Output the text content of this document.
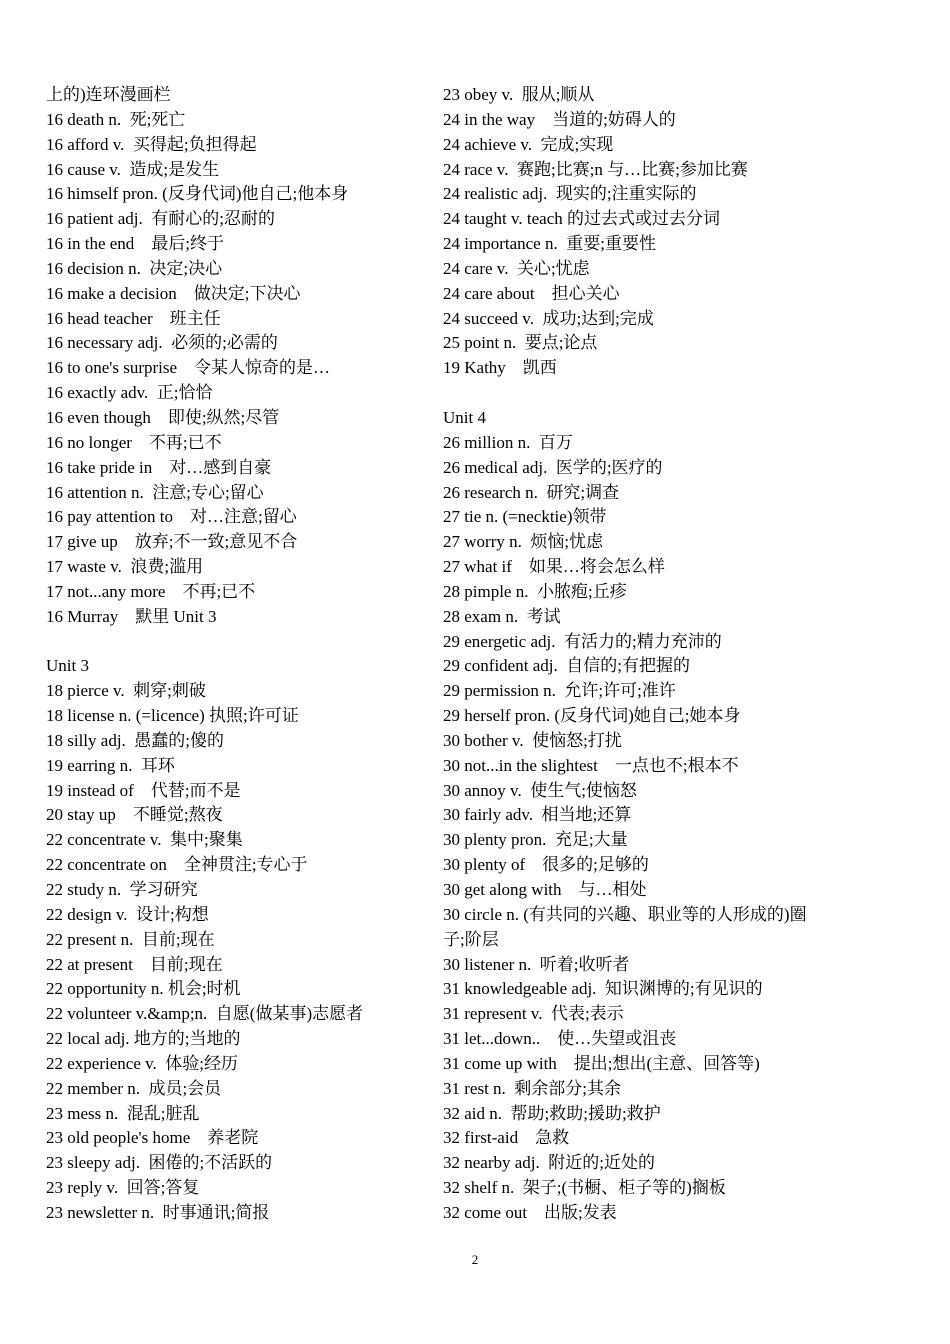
上的)连环漫画栏
16 death n.  死;死亡
16 afford v.  买得起;负担得起
16 cause v.  造成;是发生
16 himself pron. (反身代词)他自己;他本身
16 patient adj.  有耐心的;忍耐的
16 in the end    最后;终于
16 decision n.  决定;决心
16 make a decision    做决定;下决心
16 head teacher    班主任
16 necessary adj.  必须的;必需的
16 to one's surprise    令某人惊奇的是…
16 exactly adv.  正;恰恰
16 even though    即使;纵然;尽管
16 no longer    不再;已不
16 take pride in    对…感到自豪
16 attention n.  注意;专心;留心
16 pay attention to    对…注意;留心
17 give up    放弃;不一致;意见不合
17 waste v.  浪费;滥用
17 not...any more    不再;已不
16 Murray    默里 Unit 3
Unit 3
18 pierce v.  刺穿;刺破
18 license n. (=licence) 执照;许可证
18 silly adj.  愚蠢的;傻的
19 earring n.  耳环
19 instead of    代替;而不是
20 stay up    不睡觉;熬夜
22 concentrate v.  集中;聚集
22 concentrate on    全神贯注;专心于
22 study n.  学习研究
22 design v.  设计;构想
22 present n.  目前;现在
22 at present    目前;现在
22 opportunity n. 机会;时机
22 volunteer v.&amp;n.  自愿(做某事)志愿者
22 local adj. 地方的;当地的
22 experience v.  体验;经历
22 member n.  成员;会员
23 mess n.  混乱;脏乱
23 old people's home    养老院
23 sleepy adj.  困倦的;不活跃的
23 reply v.  回答;答复
23 newsletter n.  时事通讯;简报
23 obey v.  服从;顺从
24 in the way    当道的;妨碍人的
24 achieve v.  完成;实现
24 race v.  赛跑;比赛;n 与…比赛;参加比赛
24 realistic adj.  现实的;注重实际的
24 taught v. teach 的过去式或过去分词
24 importance n.  重要;重要性
24 care v.  关心;忧虑
24 care about    担心关心
24 succeed v.  成功;达到;完成
25 point n.  要点;论点
19 Kathy    凯西
Unit 4
26 million n.  百万
26 medical adj.  医学的;医疗的
26 research n.  研究;调查
27 tie n. (=necktie)领带
27 worry n.  烦恼;忧虑
27 what if    如果…将会怎么样
28 pimple n.  小脓疱;丘疹
28 exam n.  考试
29 energetic adj.  有活力的;精力充沛的
29 confident adj.  自信的;有把握的
29 permission n.  允许;许可;准许
29 herself pron. (反身代词)她自己;她本身
30 bother v.  使恼怒;打扰
30 not...in the slightest    一点也不;根本不
30 annoy v.  使生气;使恼怒
30 fairly adv.  相当地;还算
30 plenty pron.  充足;大量
30 plenty of    很多的;足够的
30 get along with    与…相处
30 circle n. (有共同的兴趣、职业等的人形成的)圈子;阶层
30 listener n.  听着;收听者
31 knowledgeable adj.  知识渊博的;有见识的
31 represent v.  代表;表示
31 let...down..    使…失望或沮丧
31 come up with    提出;想出(主意、回答等)
31 rest n.  剩余部分;其余
32 aid n.  帮助;救助;援助;救护
32 first-aid    急救
32 nearby adj.  附近的;近处的
32 shelf n.  架子;(书橱、柜子等的)搁板
32 come out    出版;发表
2
